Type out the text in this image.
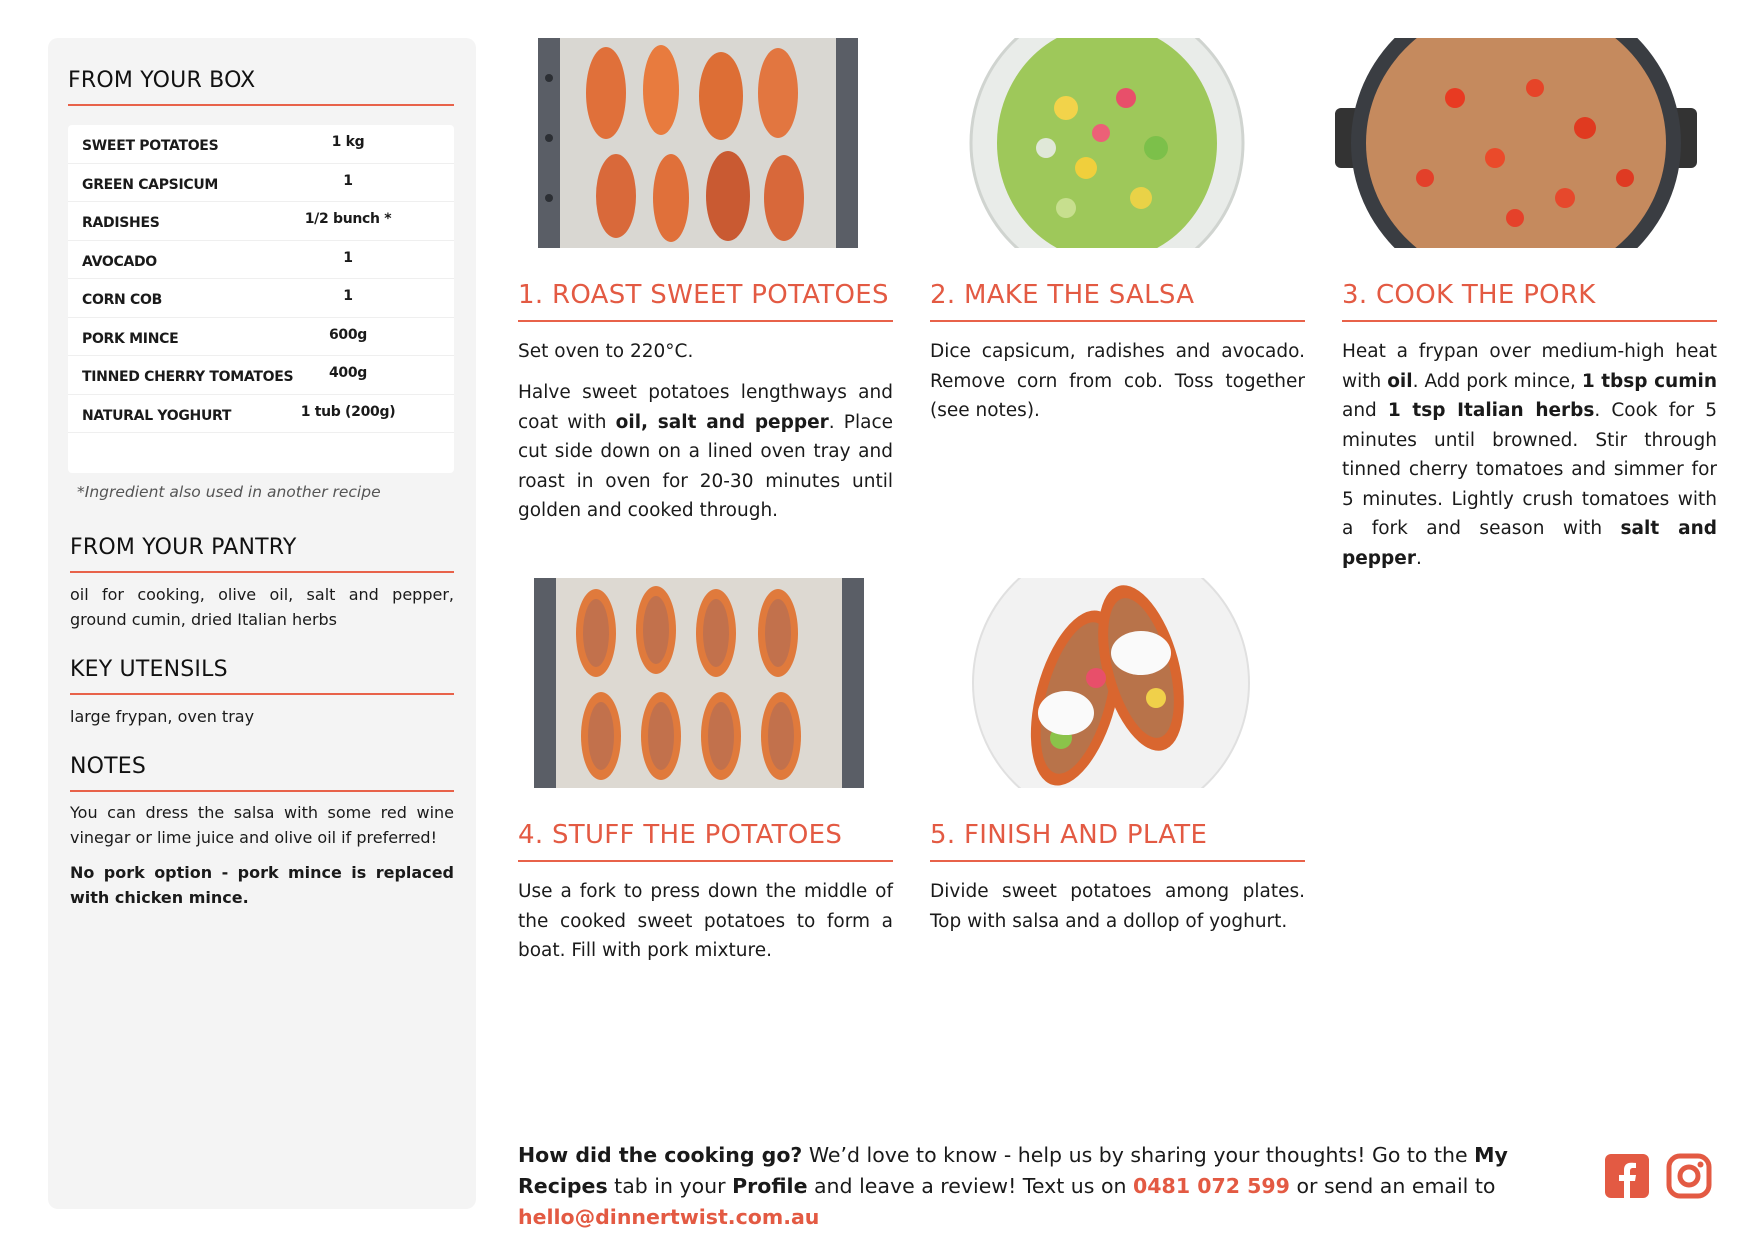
FROM YOUR BOX
SWEET POTATOES	1 kg
GREEN CAPSICUM	1
RADISHES	1/2 bunch *
AVOCADO	1
CORN COB	1
PORK MINCE	600g
TINNED CHERRY TOMATOES	400g
NATURAL YOGHURT	1 tub (200g)
*Ingredient also used in another recipe
FROM YOUR PANTRY

oil for cooking, olive oil, salt and pepper, ground cumin, dried Italian herbs

KEY UTENSILS

large frypan, oven tray

NOTES

You can dress the salsa with some red wine vinegar or lime juice and olive oil if preferred!

No pork option - pork mince is replaced with chicken mince.

1. ROAST SWEET POTATOES

Set oven to 220°C.

Halve sweet potatoes lengthways and coat with oil, salt and pepper. Place cut side down on a lined oven tray and roast in oven for 20-30 minutes until golden and cooked through.

2. MAKE THE SALSA

Dice capsicum, radishes and avocado. Remove corn from cob. Toss together (see notes).

3. COOK THE PORK

Heat a frypan over medium-high heat with oil. Add pork mince, 1 tbsp cumin and 1 tsp Italian herbs. Cook for 5 minutes until browned. Stir through tinned cherry tomatoes and simmer for 5 minutes. Lightly crush tomatoes with a fork and season with salt and pepper.

4. STUFF THE POTATOES

Use a fork to press down the middle of the cooked sweet potatoes to form a boat. Fill with pork mixture.

5. FINISH AND PLATE

Divide sweet potatoes among plates. Top with salsa and a dollop of yoghurt.

How did the cooking go? We’d love to know - help us by sharing your thoughts! Go to the My Recipes tab in your Profile and leave a review! Text us on 0481 072 599 or send an email to hello@dinnertwist.com.au
